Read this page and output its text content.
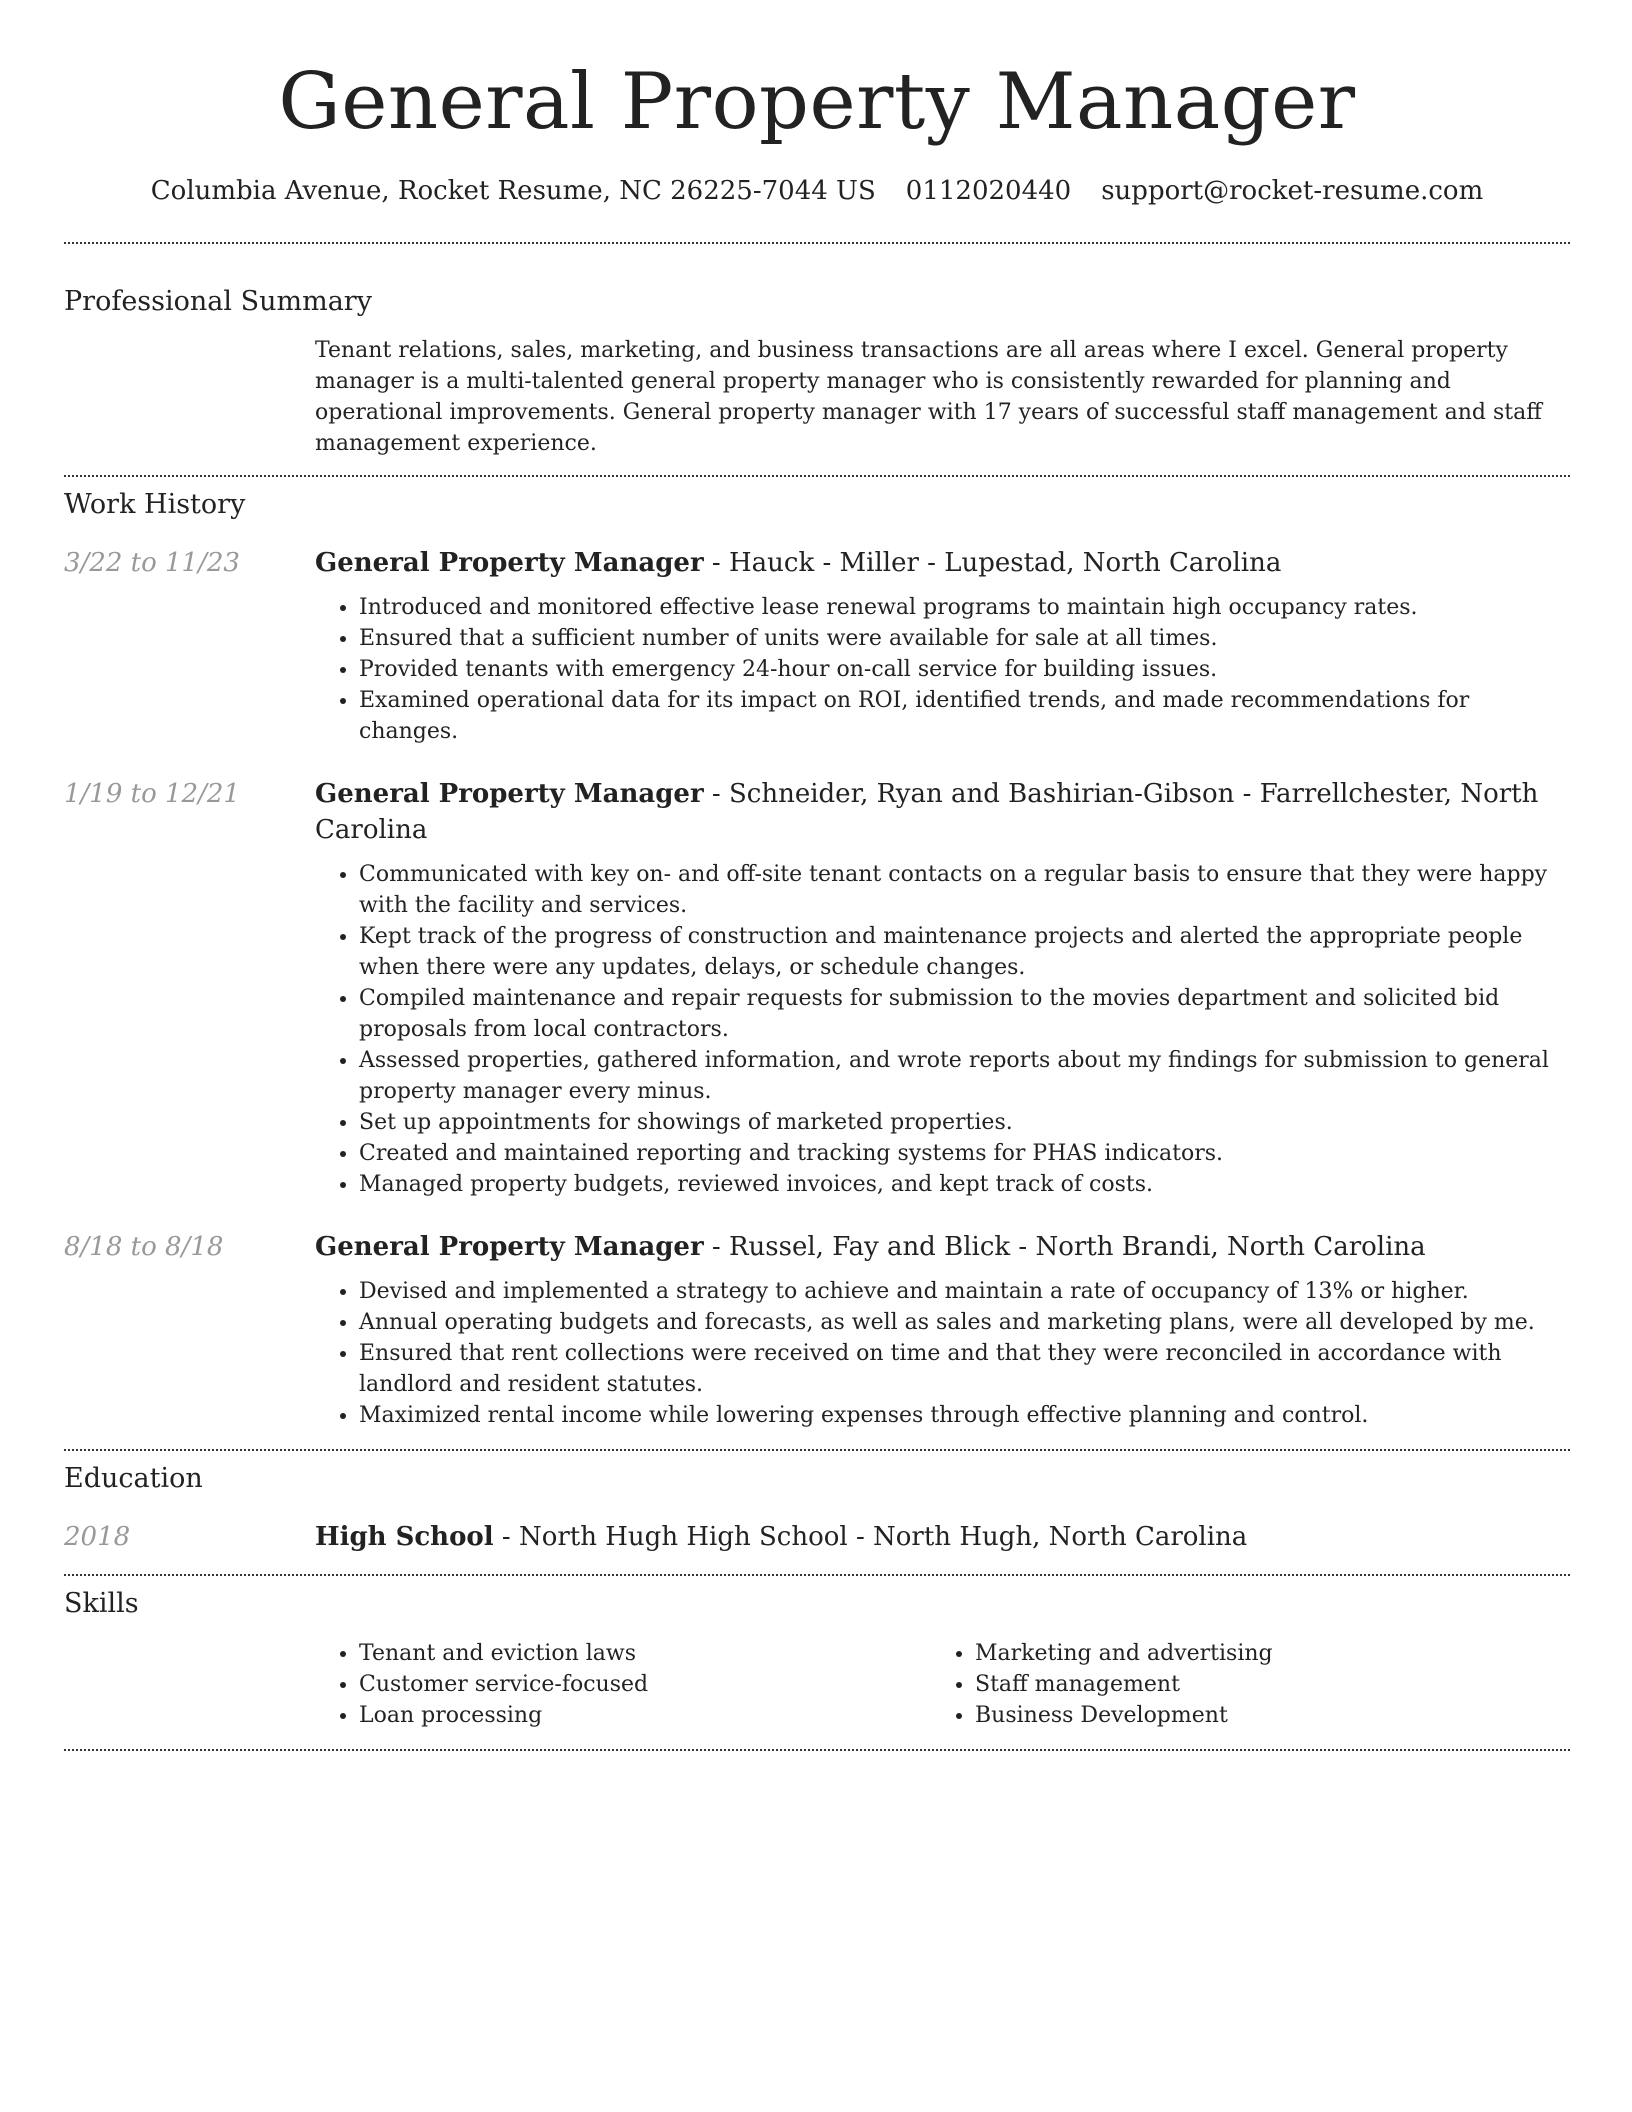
General Property Manager
Columbia Avenue, Rocket Resume, NC 26225-7044 US 0112020440 support@rocket-resume.com
Professional Summary
Tenant relations, sales, marketing, and business transactions are all areas where I excel. General property manager is a multi-talented general property manager who is consistently rewarded for planning and operational improvements. General property manager with 17 years of successful staff management and staff management experience.
Work History
3/22 to 11/23	General Property Manager - Hauck - Miller - Lupestad, North Carolina
• Introduced and monitored effective lease renewal programs to maintain high occupancy rates.
• Ensured that a sufficient number of units were available for sale at all times.
• Provided tenants with emergency 24-hour on-call service for building issues.
• Examined operational data for its impact on ROI, identified trends, and made recommendations for changes.
1/19 to 12/21	General Property Manager - Schneider, Ryan and Bashirian-Gibson - Farrellchester, North Carolina
• Communicated with key on- and off-site tenant contacts on a regular basis to ensure that they were happy with the facility and services.
• Kept track of the progress of construction and maintenance projects and alerted the appropriate people when there were any updates, delays, or schedule changes.
• Compiled maintenance and repair requests for submission to the movies department and solicited bid proposals from local contractors.
• Assessed properties, gathered information, and wrote reports about my findings for submission to general property manager every minus.
• Set up appointments for showings of marketed properties.
• Created and maintained reporting and tracking systems for PHAS indicators.
• Managed property budgets, reviewed invoices, and kept track of costs.
8/18 to 8/18	General Property Manager - Russel, Fay and Blick - North Brandi, North Carolina
• Devised and implemented a strategy to achieve and maintain a rate of occupancy of 13% or higher.
• Annual operating budgets and forecasts, as well as sales and marketing plans, were all developed by me.
• Ensured that rent collections were received on time and that they were reconciled in accordance with landlord and resident statutes.
• Maximized rental income while lowering expenses through effective planning and control.
Education
2018	High School - North Hugh High School - North Hugh, North Carolina
Skills
• Tenant and eviction laws
• Customer service-focused
• Loan processing
• Marketing and advertising
• Staff management
• Business Development
